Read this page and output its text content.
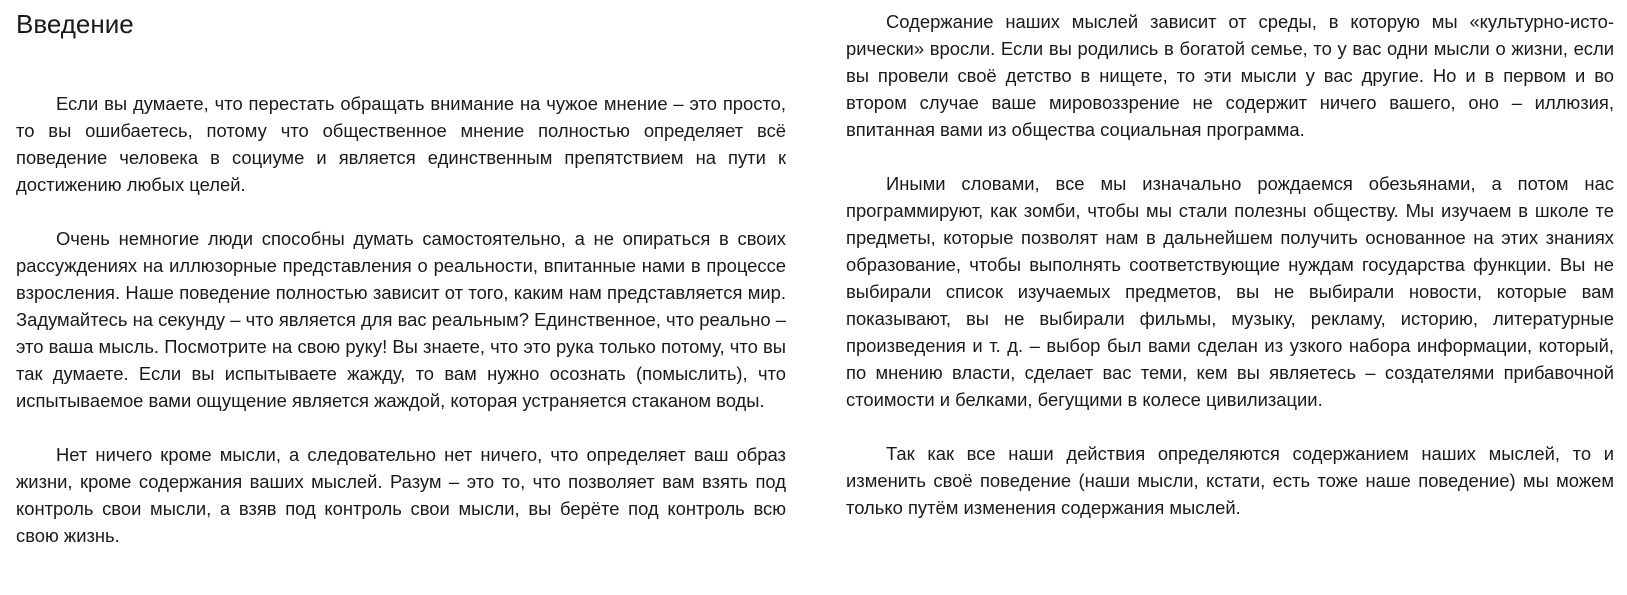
Введение

Если вы думаете, что перестать обращать внимание на чужое мнение – это просто, то вы ошибаетесь, потому что общественное мнение полностью определяет всё поведение человека в социуме и является единственным препятствием на пути к достижению любых целей.

Очень немногие люди способны думать самостоятельно, а не опираться в своих рассуждениях на иллюзорные представления о реальности, впитанные нами в процессе взросления. Наше поведение полностью зависит от того, каким нам представляется мир. Задумайтесь на секунду – что является для вас реальным? Единственное, что реально – это ваша мысль. Посмотрите на свою руку! Вы знаете, что это рука только потому, что вы так думаете. Если вы испытываете жажду, то вам нужно осознать (помыслить), что испытываемое вами ощущение является жаждой, которая устраняется стаканом воды.

Нет ничего кроме мысли, а следовательно нет ничего, что определяет ваш образ жизни, кроме содержания ваших мыслей. Разум – это то, что позволяет вам взять под контроль свои мысли, а взяв под контроль свои мысли, вы берёте под контроль всю свою жизнь.

Содержание наших мыслей зависит от среды, в которую мы «культурно-исторически» вросли. Если вы родились в богатой семье, то у вас одни мысли о жизни, если вы провели своё детство в нищете, то эти мысли у вас другие. Но и в первом и во втором случае ваше мировоззрение не содержит ничего вашего, оно – иллюзия, впитанная вами из общества социальная программа.

Иными словами, все мы изначально рождаемся обезьянами, а потом нас программируют, как зомби, чтобы мы стали полезны обществу. Мы изучаем в школе те предметы, которые позволят нам в дальнейшем получить основанное на этих знаниях образование, чтобы выполнять соответствующие нуждам государства функции. Вы не выбирали список изучаемых предметов, вы не выбирали новости, которые вам показывают, вы не выбирали фильмы, музыку, рекламу, историю, литературные произведения и т. д. – выбор был вами сделан из узкого набора информации, который, по мнению власти, сделает вас теми, кем вы являетесь – создателями прибавочной стоимости и белками, бегущими в колесе цивилизации.

Так как все наши действия определяются содержанием наших мыслей, то и изменить своё поведение (наши мысли, кстати, есть тоже наше поведение) мы можем только путём изменения содержания мыслей.
